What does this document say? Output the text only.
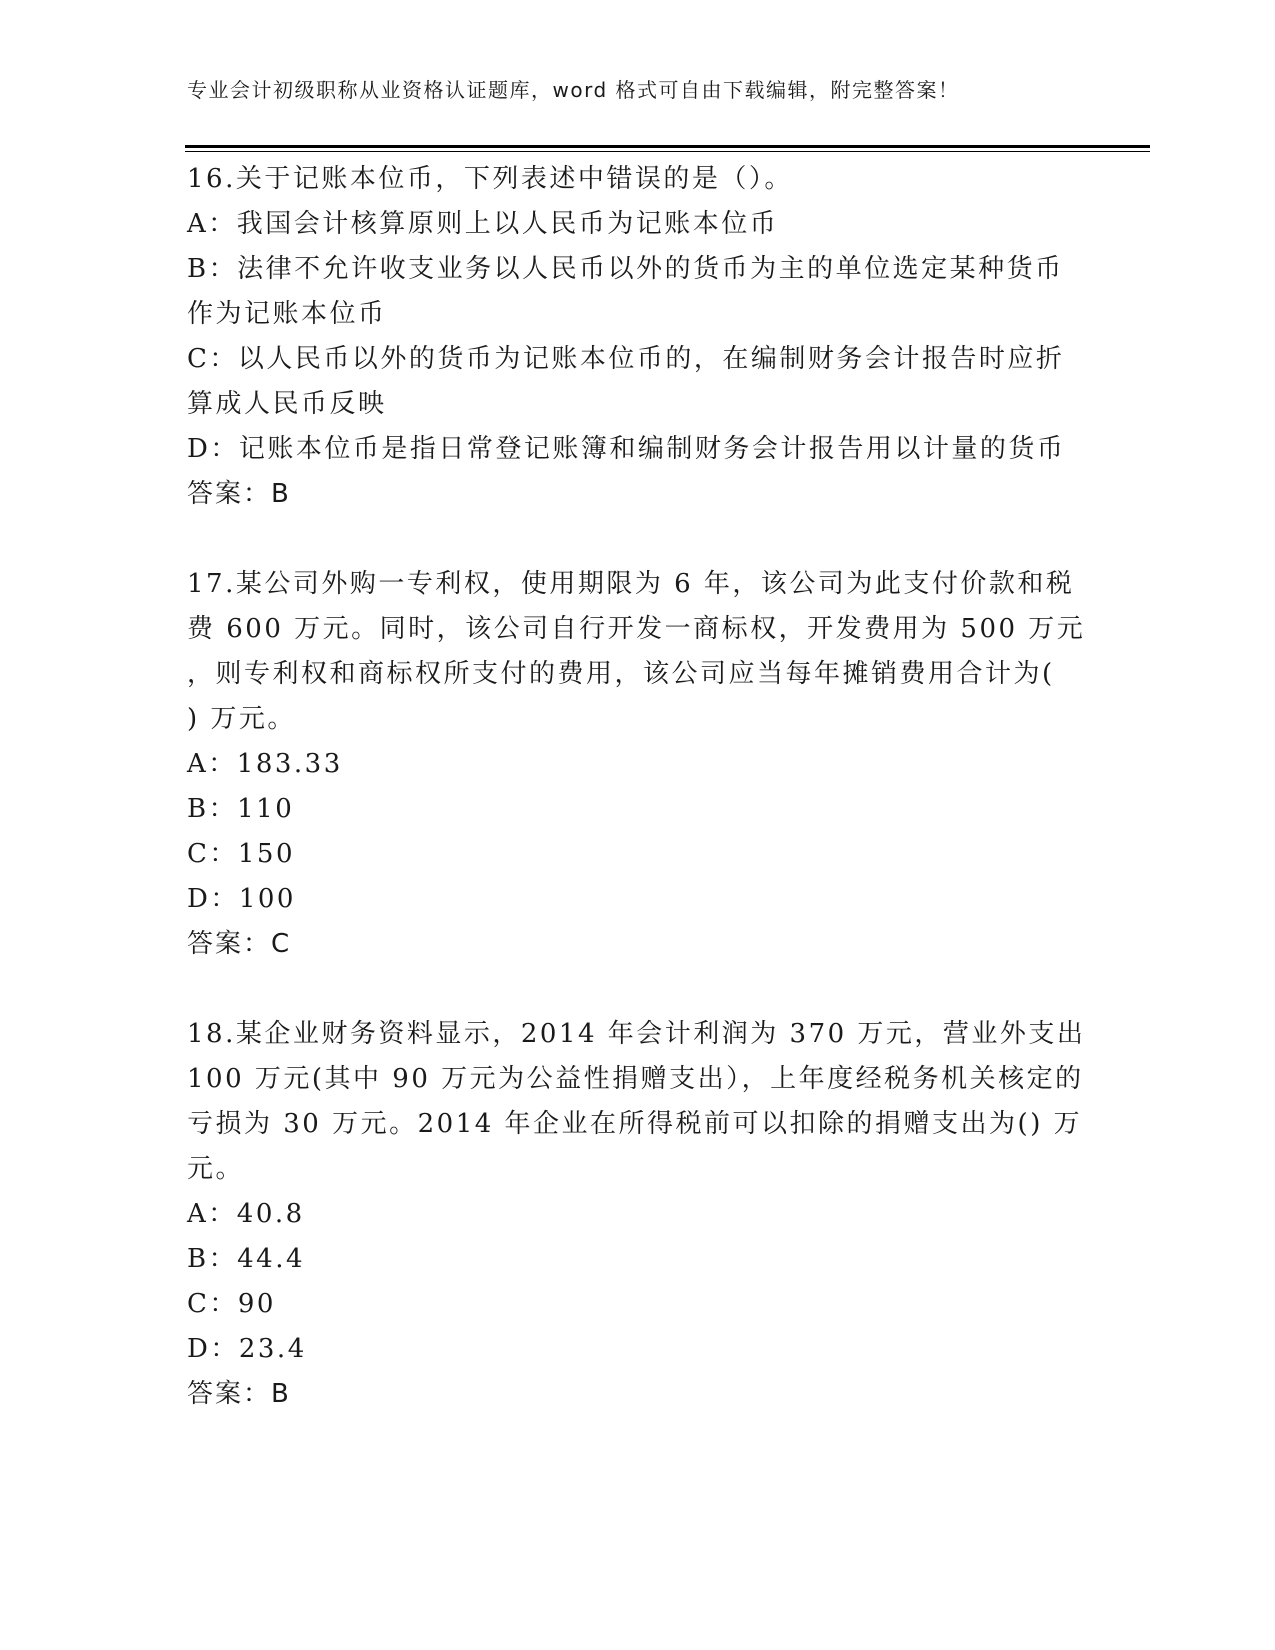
专业会计初级职称从业资格认证题库，word 格式可自由下载编辑，附完整答案！
16.关于记账本位币，下列表述中错误的是（）。
A：我国会计核算原则上以人民币为记账本位币
B：法律不允许收支业务以人民币以外的货币为主的单位选定某种货币
作为记账本位币
C：以人民币以外的货币为记账本位币的，在编制财务会计报告时应折
算成人民币反映
D：记账本位币是指日常登记账簿和编制财务会计报告用以计量的货币
答案：B
17.某公司外购一专利权，使用期限为 6 年，该公司为此支付价款和税
费 600 万元。同时，该公司自行开发一商标权，开发费用为 500 万元
，则专利权和商标权所支付的费用，该公司应当每年摊销费用合计为(
) 万元。
A：183.33
B：110
C：150
D：100
答案：C
18.某企业财务资料显示，2014 年会计利润为 370 万元，营业外支出
100 万元(其中 90 万元为公益性捐赠支出），上年度经税务机关核定的
亏损为 30 万元。2014 年企业在所得税前可以扣除的捐赠支出为() 万
元。
A：40.8
B：44.4
C：90
D：23.4
答案：B
